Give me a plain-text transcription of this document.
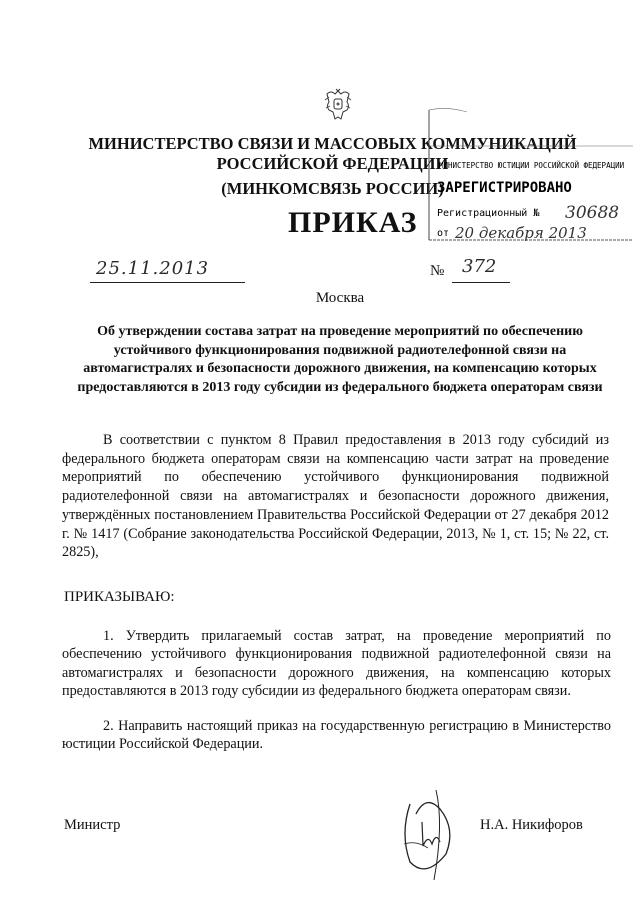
МИНИСТЕРСТВО СВЯЗИ И МАССОВЫХ КОММУНИКАЦИЙ
РОССИЙСКОЙ ФЕДЕРАЦИИ
(МИНКОМСВЯЗЬ РОССИИ)
ПРИКАЗ
МИНИСТЕРСТВО ЮСТИЦИИ РОССИЙСКОЙ ФЕДЕРАЦИИ
ЗАРЕГИСТРИРОВАНО
Регистрационный № 30688
от 20 декабря 2013
25.11.2013	№ 372
Москва
Об утверждении состава затрат на проведение мероприятий по обеспечению устойчивого функционирования подвижной радиотелефонной связи на автомагистралях и безопасности дорожного движения, на компенсацию которых предоставляются в 2013 году субсидии из федерального бюджета операторам связи
В соответствии с пунктом 8 Правил предоставления в 2013 году субсидий из федерального бюджета операторам связи на компенсацию части затрат на проведение мероприятий по обеспечению устойчивого функционирования подвижной радиотелефонной связи на автомагистралях и безопасности дорожного движения, утверждённых постановлением Правительства Российской Федерации от 27 декабря 2012 г. № 1417 (Собрание законодательства Российской Федерации, 2013, № 1, ст. 15; № 22, ст. 2825),
ПРИКАЗЫВАЮ:
1. Утвердить прилагаемый состав затрат, на проведение мероприятий по обеспечению устойчивого функционирования подвижной радиотелефонной связи на автомагистралях и безопасности дорожного движения, на компенсацию которых предоставляются в 2013 году субсидии из федерального бюджета операторам связи.
2. Направить настоящий приказ на государственную регистрацию в Министерство юстиции Российской Федерации.
Министр	Н.А. Никифоров
